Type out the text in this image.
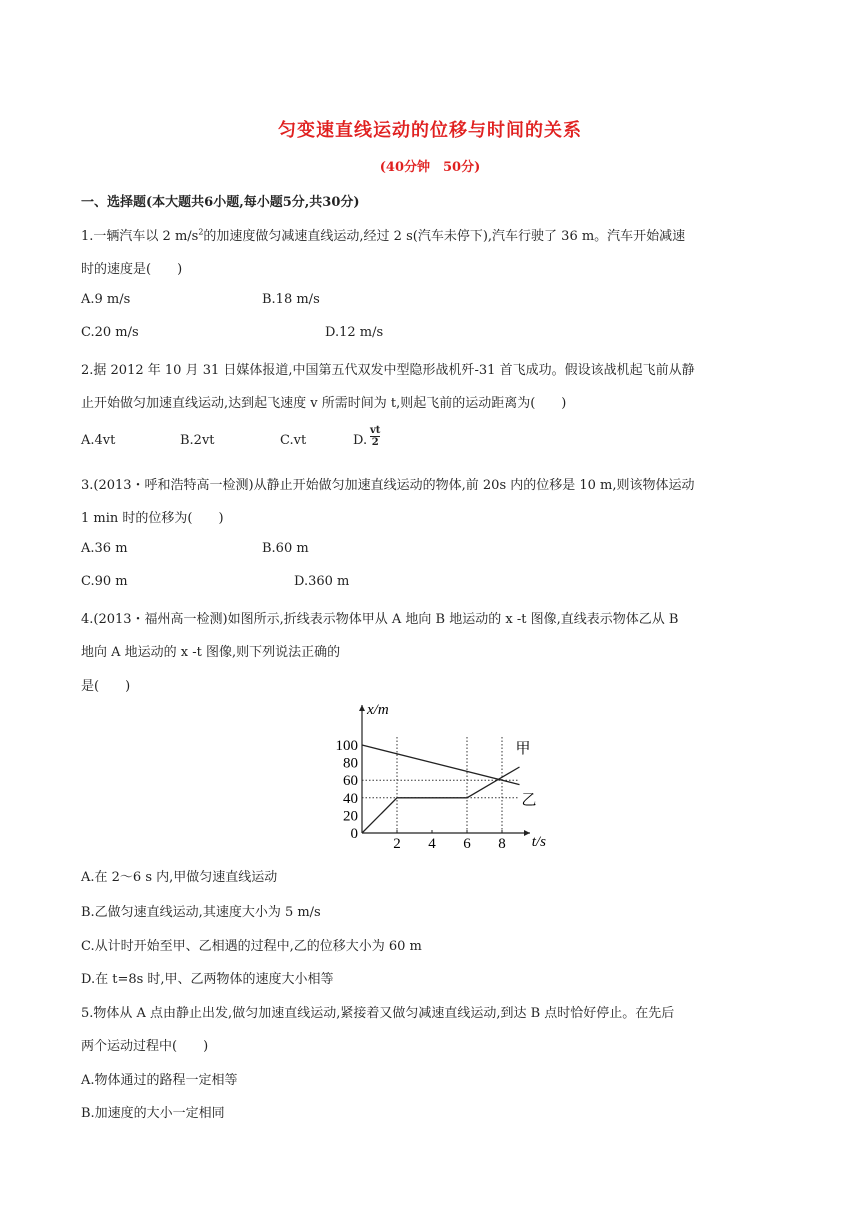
匀变速直线运动的位移与时间的关系
(40分钟　50分)
一、选择题(本大题共6小题,每小题5分,共30分)
1.一辆汽车以 2 $m/s^2$的加速度做匀减速直线运动,经过 2 s(汽车未停下),汽车行驶了 36 m。汽车开始减速
时的速度是(　　)
A.9 m/s	B.18 m/s
C.20 m/s	D.12 m/s
2.据 2012 年 10 月 31 日媒体报道,中国第五代双发中型隐形战机歼-31 首飞成功。假设该战机起飞前从静
止开始做匀加速直线运动,达到起飞速度 v 所需时间为 t,则起飞前的运动距离为(　　)
A.4vt	B.2vt	C.vt	D.
vt
2
3.(2013・呼和浩特高一检测)从静止开始做匀加速直线运动的物体,前 20s 内的位移是 10 m,则该物体运动
1 min 时的位移为(　　)
A.36 m	B.60 m
C.90 m	D.360 m
4.(2013・福州高一检测)如图所示,折线表示物体甲从 A 地向 B 地运动的 x -t 图像,直线表示物体乙从 B
地向 A 地运动的 x -t 图像,则下列说法正确的
是(　　)
2 4 6 8
0
20
40
60
80
100
t/s
x/m
甲
乙
A.在 2～6 s 内,甲做匀速直线运动
B.乙做匀速直线运动,其速度大小为 5 m/s
C.从计时开始至甲、乙相遇的过程中,乙的位移大小为 60 m
D.在 t=8s 时,甲、乙两物体的速度大小相等
5.物体从 A 点由静止出发,做匀加速直线运动,紧接着又做匀减速直线运动,到达 B 点时恰好停止。在先后
两个运动过程中(　　)
A.物体通过的路程一定相等
B.加速度的大小一定相同
